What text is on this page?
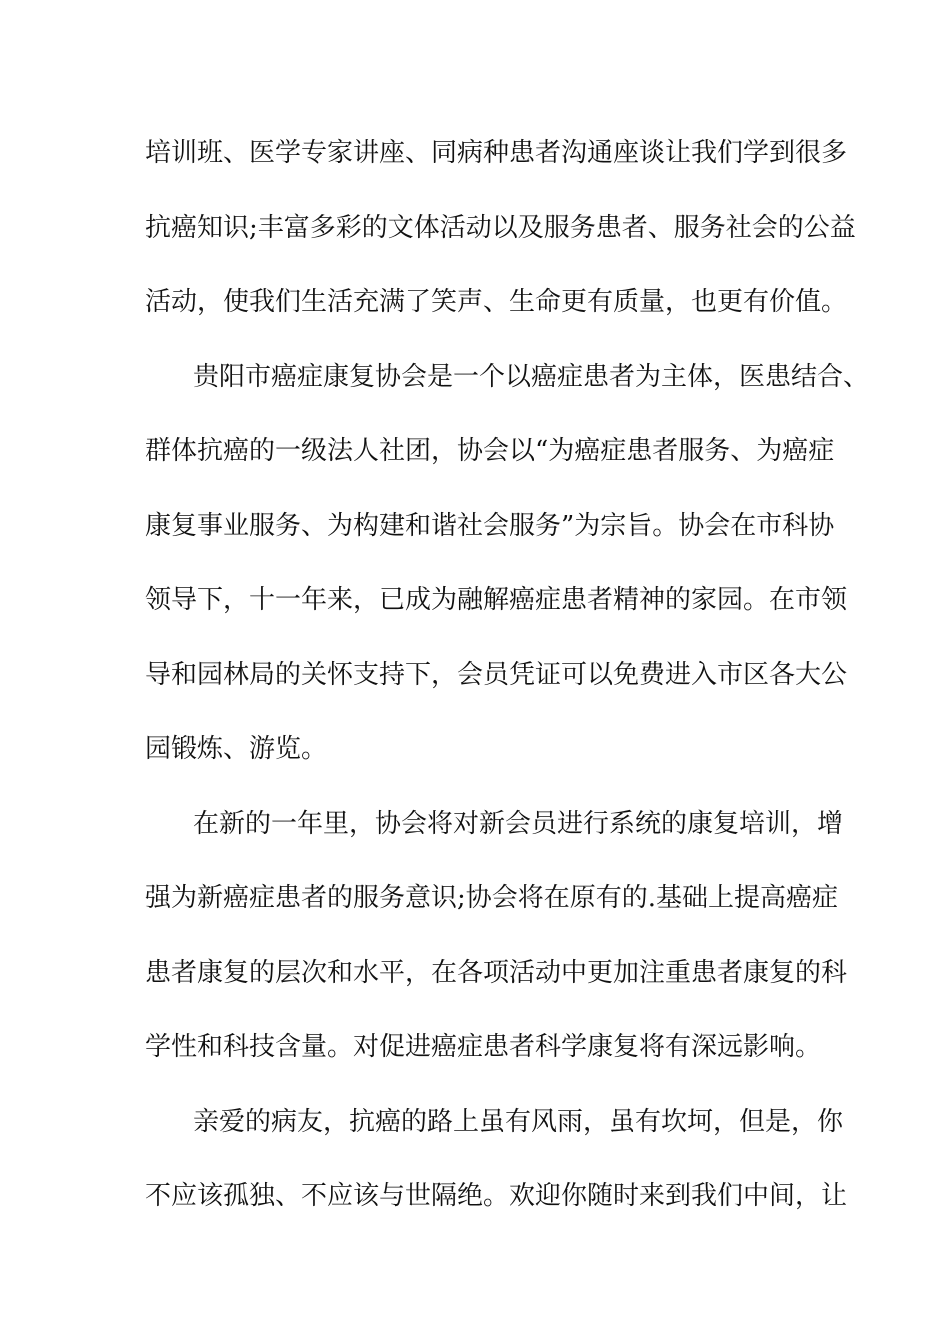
培训班、医学专家讲座、同病种患者沟通座谈让我们学到很多
抗癌知识;丰富多彩的文体活动以及服务患者、服务社会的公益
活动，使我们生活充满了笑声、生命更有质量，也更有价值。
贵阳市癌症康复协会是一个以癌症患者为主体，医患结合、
群体抗癌的一级法人社团，协会以“为癌症患者服务、为癌症
康复事业服务、为构建和谐社会服务”为宗旨。协会在市科协
领导下，十一年来，已成为融解癌症患者精神的家园。在市领
导和园林局的关怀支持下，会员凭证可以免费进入市区各大公
园锻炼、游览。
在新的一年里，协会将对新会员进行系统的康复培训，增
强为新癌症患者的服务意识;协会将在原有的.基础上提高癌症
患者康复的层次和水平，在各项活动中更加注重患者康复的科
学性和科技含量。对促进癌症患者科学康复将有深远影响。
亲爱的病友，抗癌的路上虽有风雨，虽有坎坷，但是，你
不应该孤独、不应该与世隔绝。欢迎你随时来到我们中间，让
